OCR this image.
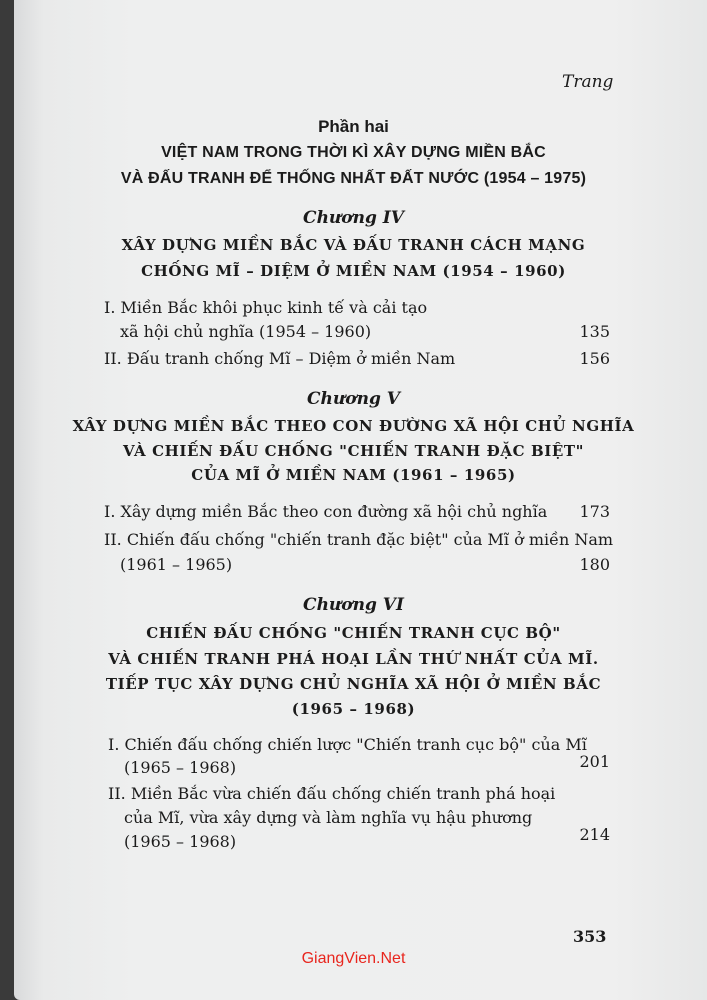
Trang
Phần hai
VIỆT NAM TRONG THỜI KÌ XÂY DỰNG MIỀN BẮC
VÀ ĐẤU TRANH ĐỂ THỐNG NHẤT ĐẤT NƯỚC (1954 – 1975)
Chương IV
XÂY DỰNG MIỀN BẮC VÀ ĐẤU TRANH CÁCH MẠNG
CHỐNG MĨ – DIỆM Ở MIỀN NAM (1954 – 1960)
I. Miền Bắc khôi phục kinh tế và cải tạo
xã hội chủ nghĩa (1954 – 1960)	135
II. Đấu tranh chống Mĩ – Diệm ở miền Nam	156
Chương V
XÂY DỰNG MIỀN BẮC THEO CON ĐƯỜNG XÃ HỘI CHỦ NGHĨA
VÀ CHIẾN ĐẤU CHỐNG "CHIẾN TRANH ĐẶC BIỆT"
CỦA MĨ Ở MIỀN NAM (1961 – 1965)
I. Xây dựng miền Bắc theo con đường xã hội chủ nghĩa	173
II. Chiến đấu chống "chiến tranh đặc biệt" của Mĩ ở miền Nam
(1961 – 1965)	180
Chương VI
CHIẾN ĐẤU CHỐNG "CHIẾN TRANH CỤC BỘ"
VÀ CHIẾN TRANH PHÁ HOẠI LẦN THỨ NHẤT CỦA MĨ.
TIẾP TỤC XÂY DỰNG CHỦ NGHĨA XÃ HỘI Ở MIỀN BẮC
(1965 – 1968)
I. Chiến đấu chống chiến lược "Chiến tranh cục bộ" của Mĩ
(1965 – 1968)	201
II. Miền Bắc vừa chiến đấu chống chiến tranh phá hoại
của Mĩ, vừa xây dựng và làm nghĩa vụ hậu phương
(1965 – 1968)	214
353
GiangVien.Net
